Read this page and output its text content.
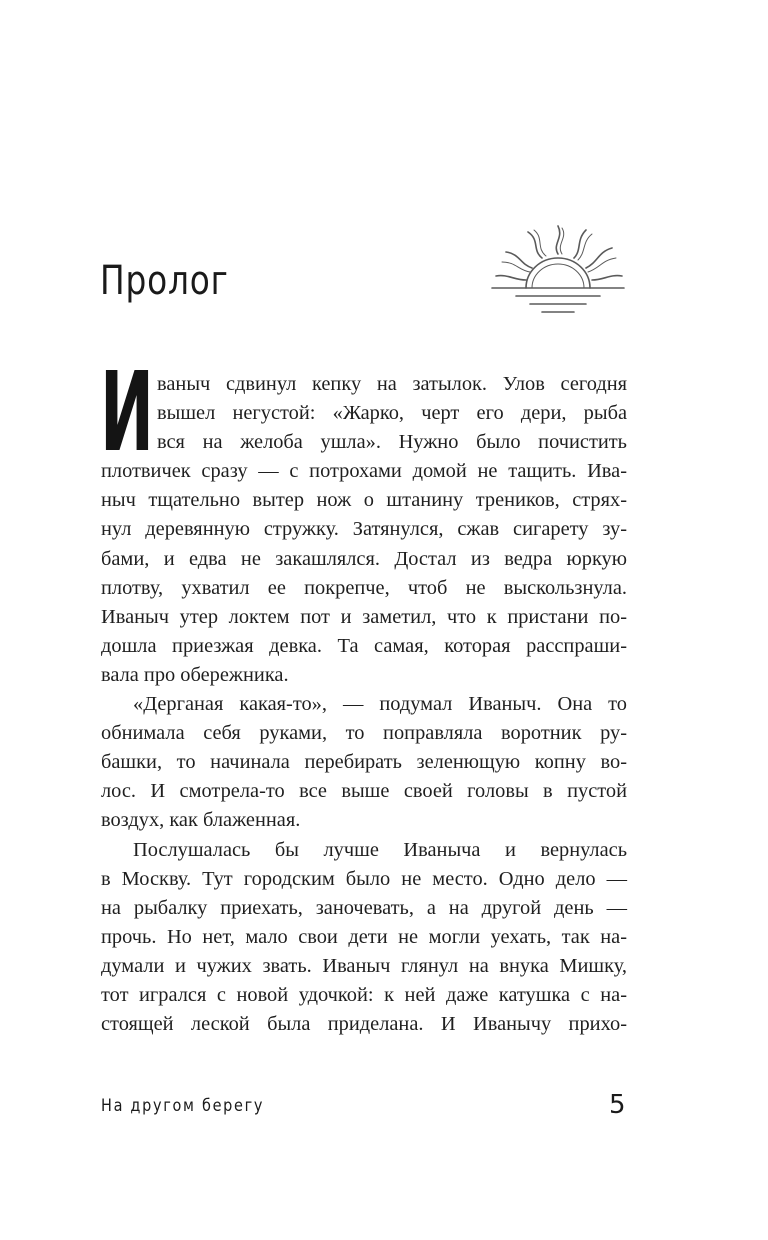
Пролог
И ваныч сдвинул кепку на затылок. Улов сегодня
вышел негустой: «Жарко, черт его дери, рыба
вся на желоба ушла». Нужно было почистить
плотвичек сразу — с потрохами домой не тащить. Ива-
ныч тщательно вытер нож о штанину треников, стрях-
нул деревянную стружку. Затянулся, сжав сигарету зу-
бами, и едва не закашлялся. Достал из ведра юркую
плотву, ухватил ее покрепче, чтоб не выскользнула.
Иваныч утер локтем пот и заметил, что к пристани по-
дошла приезжая девка. Та самая, которая расспраши-
вала про обережника.
«Дерганая какая-то», — подумал Иваныч. Она то
обнимала себя руками, то поправляла воротник ру-
башки, то начинала перебирать зеленющую копну во-
лос. И смотрела-то все выше своей головы в пустой
воздух, как блаженная.
Послушалась бы лучше Иваныча и вернулась
в Москву. Тут городским было не место. Одно дело —
на рыбалку приехать, заночевать, а на другой день —
прочь. Но нет, мало свои дети не могли уехать, так на-
думали и чужих звать. Иваныч глянул на внука Мишку,
тот игрался с новой удочкой: к ней даже катушка с на-
стоящей леской была приделана. И Иванычу прихо-

На другом берегу	5
